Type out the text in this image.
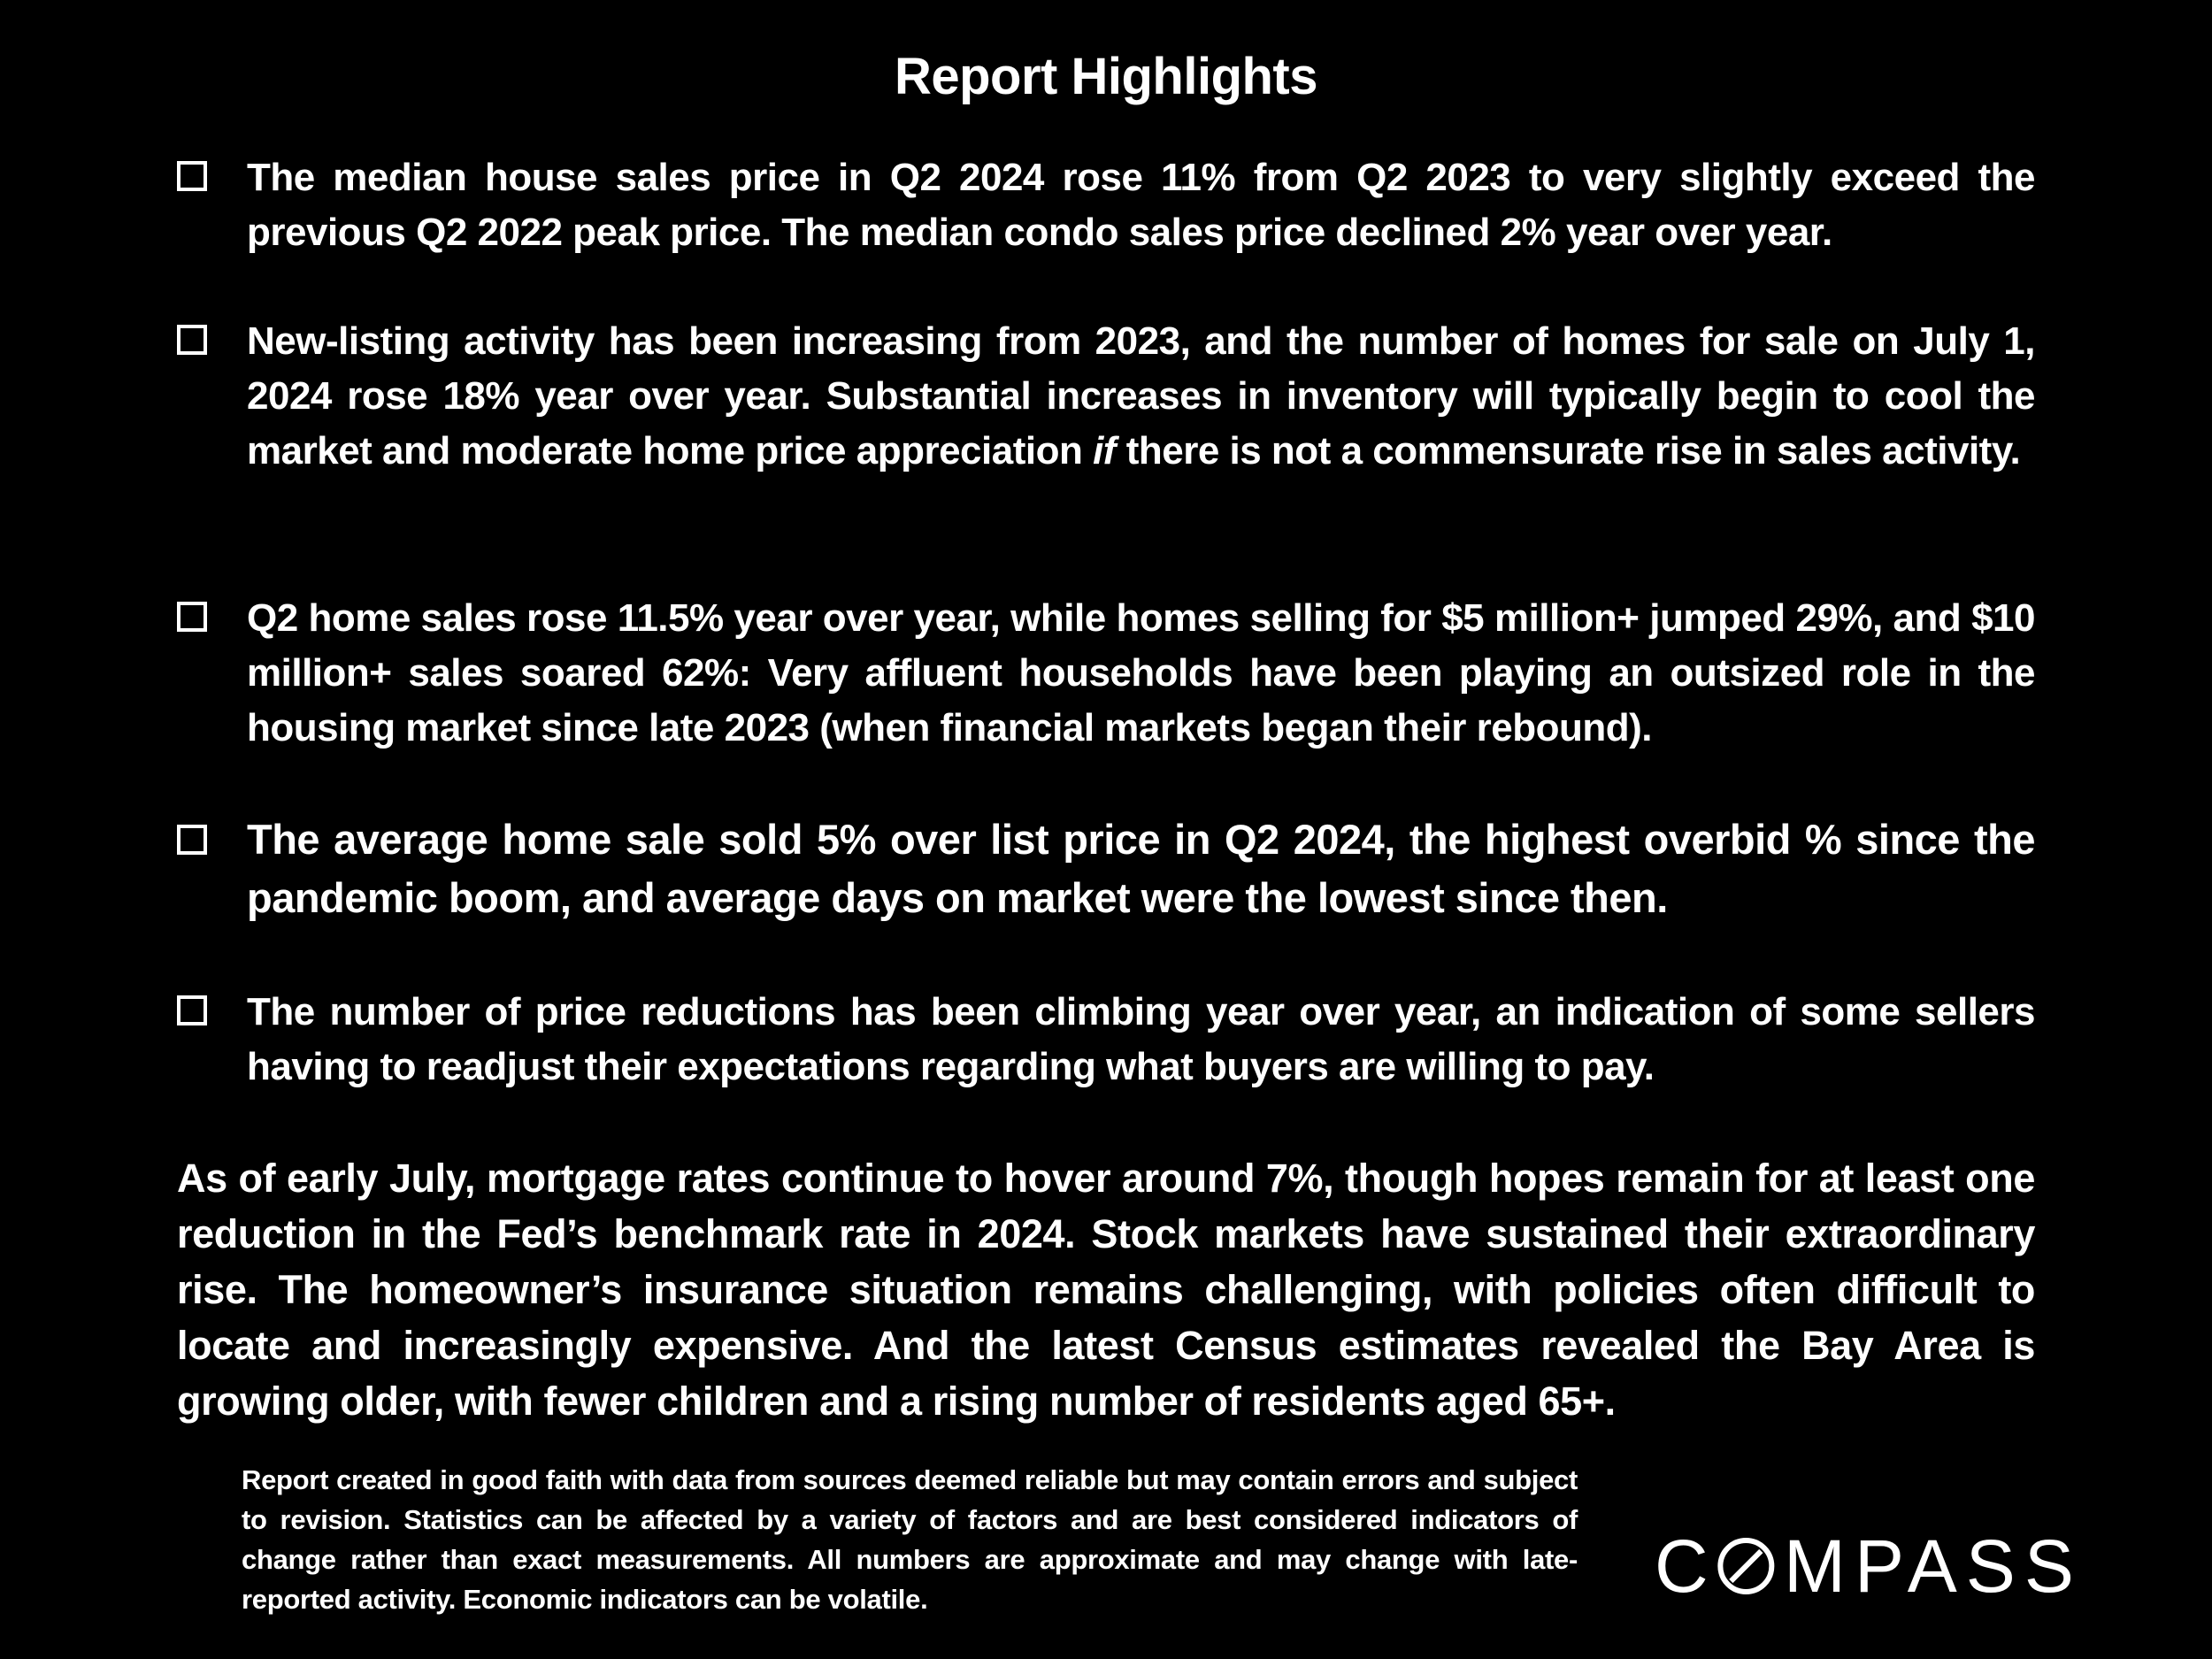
Report Highlights
The median house sales price in Q2 2024 rose 11% from Q2 2023 to very slightly exceed the previous Q2 2022 peak price. The median condo sales price declined 2% year over year.
New-listing activity has been increasing from 2023, and the number of homes for sale on July 1, 2024 rose 18% year over year. Substantial increases in inventory will typically begin to cool the market and moderate home price appreciation if there is not a commensurate rise in sales activity.
Q2 home sales rose 11.5% year over year, while homes selling for $5 million+ jumped 29%, and $10 million+ sales soared 62%: Very affluent households have been playing an outsized role in the housing market since late 2023 (when financial markets began their rebound).
The average home sale sold 5% over list price in Q2 2024, the highest overbid % since the pandemic boom, and average days on market were the lowest since then.
The number of price reductions has been climbing year over year, an indication of some sellers having to readjust their expectations regarding what buyers are willing to pay.
As of early July, mortgage rates continue to hover around 7%, though hopes remain for at least one reduction in the Fed’s benchmark rate in 2024. Stock markets have sustained their extraordinary rise. The homeowner’s insurance situation remains challenging, with policies often difficult to locate and increasingly expensive. And the latest Census estimates revealed the Bay Area is growing older, with fewer children and a rising number of residents aged 65+.
Report created in good faith with data from sources deemed reliable but may contain errors and subject to revision. Statistics can be affected by a variety of factors and are best considered indicators of change rather than exact measurements. All numbers are approximate and may change with late-reported activity. Economic indicators can be volatile.	C MPASS
